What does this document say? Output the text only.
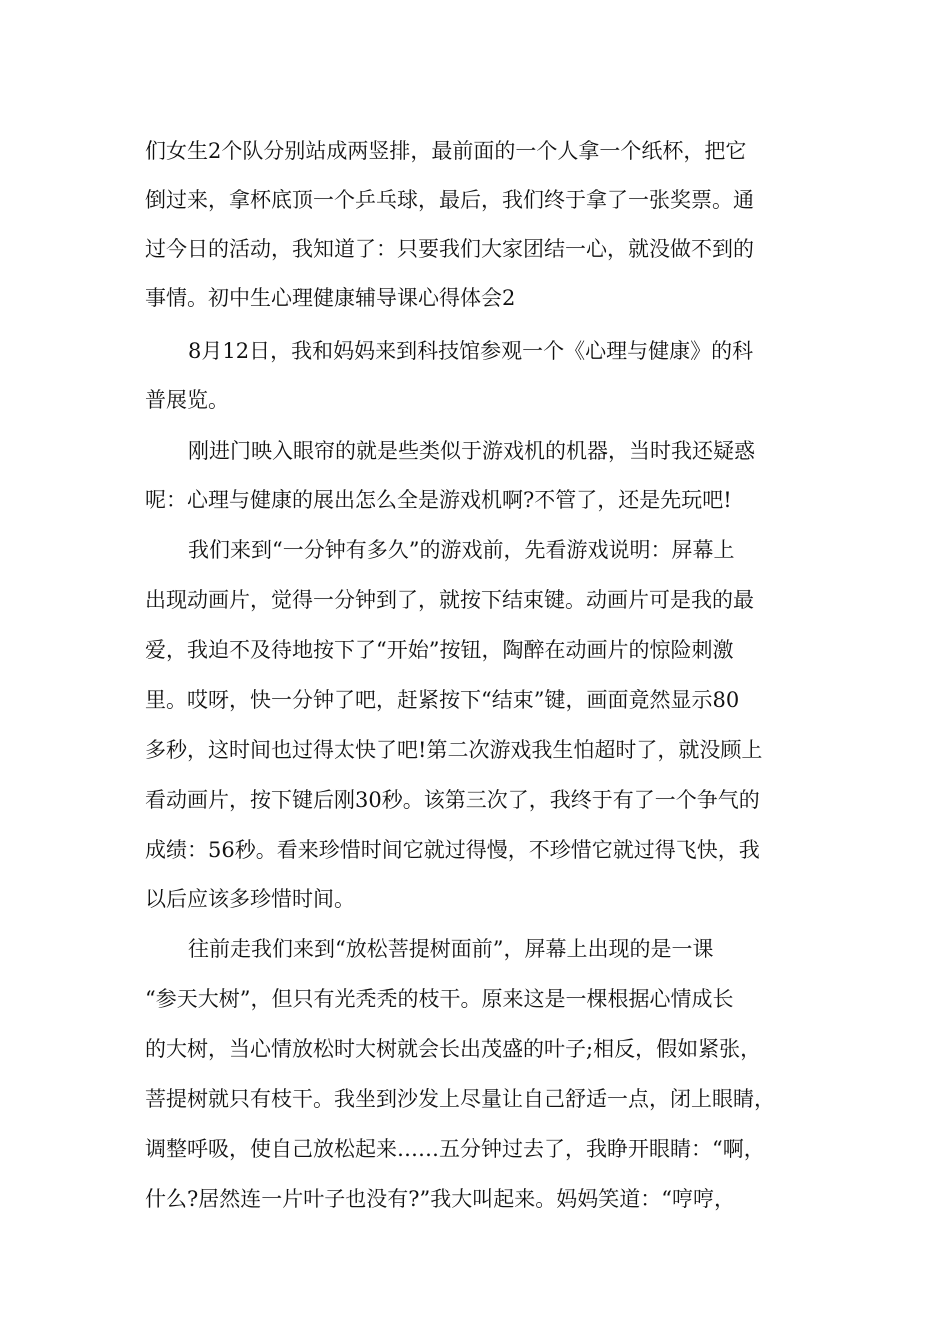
们女生2个队分别站成两竖排，最前面的一个人拿一个纸杯，把它
倒过来，拿杯底顶一个乒乓球，最后，我们终于拿了一张奖票。通
过今日的活动，我知道了：只要我们大家团结一心，就没做不到的
事情。初中生心理健康辅导课心得体会2
8月12日，我和妈妈来到科技馆参观一个《心理与健康》的科
普展览。
刚进门映入眼帘的就是些类似于游戏机的机器，当时我还疑惑
呢：心理与健康的展出怎么全是游戏机啊?不管了，还是先玩吧!
我们来到“一分钟有多久”的游戏前，先看游戏说明：屏幕上
出现动画片，觉得一分钟到了，就按下结束键。动画片可是我的最
爱，我迫不及待地按下了“开始”按钮，陶醉在动画片的惊险刺激
里。哎呀，快一分钟了吧，赶紧按下“结束”键，画面竟然显示80
多秒，这时间也过得太快了吧!第二次游戏我生怕超时了，就没顾上
看动画片，按下键后刚30秒。该第三次了，我终于有了一个争气的
成绩：56秒。看来珍惜时间它就过得慢，不珍惜它就过得飞快，我
以后应该多珍惜时间。
往前走我们来到“放松菩提树面前”，屏幕上出现的是一课
“参天大树”，但只有光秃秃的枝干。原来这是一棵根据心情成长
的大树，当心情放松时大树就会长出茂盛的叶子;相反，假如紧张，
菩提树就只有枝干。我坐到沙发上尽量让自己舒适一点，闭上眼睛，
调整呼吸，使自己放松起来……五分钟过去了，我睁开眼睛：“啊，
什么?居然连一片叶子也没有?”我大叫起来。妈妈笑道：“哼哼，
